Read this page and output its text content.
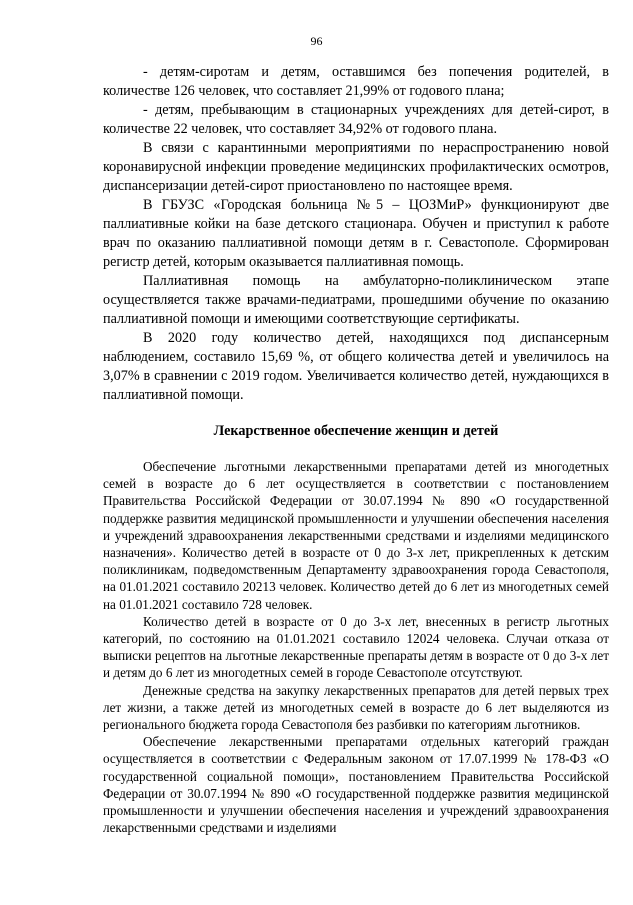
96

- детям-сиротам и детям, оставшимся без попечения родителей, в количестве 126 человек, что составляет 21,99% от годового плана;

- детям, пребывающим в стационарных учреждениях для детей-сирот, в количестве 22 человек, что составляет 34,92% от годового плана.

В связи с карантинными мероприятиями по нераспространению новой коронавирусной инфекции проведение медицинских профилактических осмотров, диспансеризации детей-сирот приостановлено по настоящее время.

В ГБУЗС «Городская больница №5 – ЦОЗМиР» функционируют две паллиативные койки на базе детского стационара. Обучен и приступил к работе врач по оказанию паллиативной помощи детям в г. Севастополе. Сформирован регистр детей, которым оказывается паллиативная помощь.

Паллиативная помощь на амбулаторно-поликлиническом этапе осуществляется также врачами-педиатрами, прошедшими обучение по оказанию паллиативной помощи и имеющими соответствующие сертификаты.

В 2020 году количество детей, находящихся под диспансерным наблюдением, составило 15,69 %, от общего количества детей и увеличилось на 3,07% в сравнении с 2019 годом. Увеличивается количество детей, нуждающихся в паллиативной помощи.

Лекарственное обеспечение женщин и детей

Обеспечение льготными лекарственными препаратами детей из многодетных семей в возрасте до 6 лет осуществляется в соответствии с постановлением Правительства Российской Федерации от 30.07.1994 № 890 «О государственной поддержке развития медицинской промышленности и улучшении обеспечения населения и учреждений здравоохранения лекарственными средствами и изделиями медицинского назначения». Количество детей в возрасте от 0 до 3-х лет, прикрепленных к детским поликлиникам, подведомственным Департаменту здравоохранения города Севастополя, на 01.01.2021 составило 20213 человек. Количество детей до 6 лет из многодетных семей на 01.01.2021 составило 728 человек.

Количество детей в возрасте от 0 до 3-х лет, внесенных в регистр льготных категорий, по состоянию на 01.01.2021 составило 12024 человека. Случаи отказа от выписки рецептов на льготные лекарственные препараты детям в возрасте от 0 до 3-х лет и детям до 6 лет из многодетных семей в городе Севастополе отсутствуют.

Денежные средства на закупку лекарственных препаратов для детей первых трех лет жизни, а также детей из многодетных семей в возрасте до 6 лет выделяются из регионального бюджета города Севастополя без разбивки по категориям льготников.

Обеспечение лекарственными препаратами отдельных категорий граждан осуществляется в соответствии с Федеральным законом от 17.07.1999 № 178-ФЗ «О государственной социальной помощи», постановлением Правительства Российской Федерации от 30.07.1994 № 890 «О государственной поддержке развития медицинской промышленности и улучшении обеспечения населения и учреждений здравоохранения лекарственными средствами и изделиями
